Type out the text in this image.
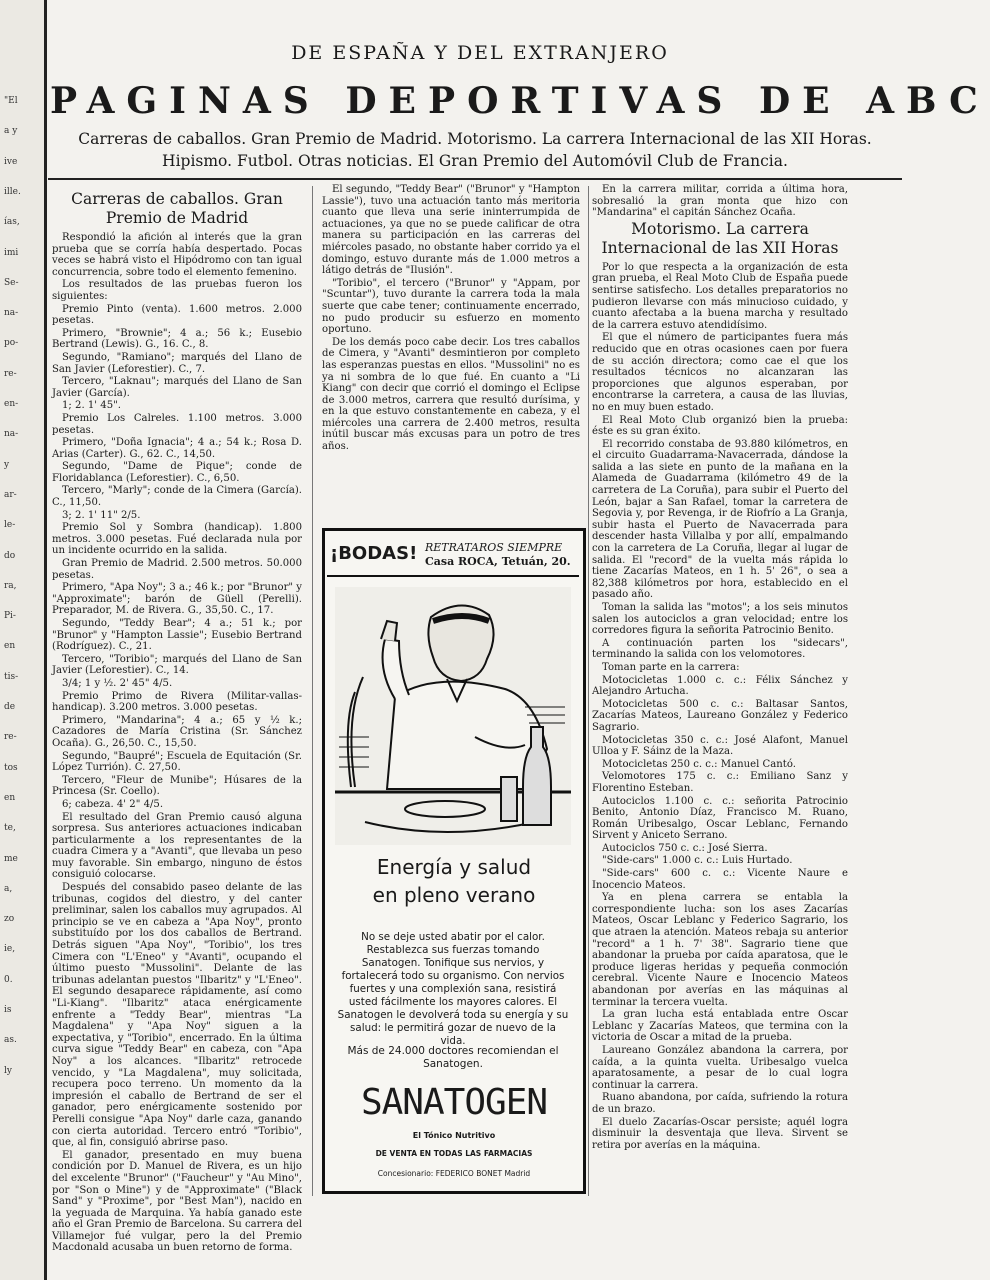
"El
a y
ive
ille.
ías,
imi
Se-
na-
po-
re-
en-
na-
y
ar-
le-
do
ra,
Pi-
en
tis-
de
re-
tos
en
te,
me
a,
zo
ie,
0.
is
as.
ly
DE ESPAÑA Y DEL EXTRANJERO
PAGINAS DEPORTIVAS DE ABC
Carreras de caballos. Gran Premio de Madrid. Motorismo. La carrera Internacional de las XII Horas.
Hipismo. Futbol. Otras noticias. El Gran Premio del Automóvil Club de Francia.
Carreras de caballos. Gran Premio de Madrid

Respondió la afición al interés que la gran prueba que se corría había despertado. Pocas veces se habrá visto el Hipódromo con tan igual concurrencia, sobre todo el elemento femenino.

Los resultados de las pruebas fueron los siguientes:

Premio Pinto (venta). 1.600 metros. 2.000 pesetas.

Primero, "Brownie"; 4 a.; 56 k.; Eusebio Bertrand (Lewis). G., 16. C., 8.

Segundo, "Ramiano"; marqués del Llano de San Javier (Leforestier). C., 7.

Tercero, "Laknau"; marqués del Llano de San Javier (García).

1; 2. 1' 45".

Premio Los Calreles. 1.100 metros. 3.000 pesetas.

Primero, "Doña Ignacia"; 4 a.; 54 k.; Rosa D. Arias (Carter). G., 62. C., 14,50.

Segundo, "Dame de Pique"; conde de Floridablanca (Leforestier). C., 6,50.

Tercero, "Marly"; conde de la Cimera (García). C., 11,50.

3; 2. 1' 11" 2/5.

Premio Sol y Sombra (handicap). 1.800 metros. 3.000 pesetas. Fué declarada nula por un incidente ocurrido en la salida.

Gran Premio de Madrid. 2.500 metros. 50.000 pesetas.

Primero, "Apa Noy"; 3 a.; 46 k.; por "Brunor" y "Approximate"; barón de Güell (Perelli). Preparador, M. de Rivera. G., 35,50. C., 17.

Segundo, "Teddy Bear"; 4 a.; 51 k.; por "Brunor" y "Hampton Lassie"; Eusebio Bertrand (Rodríguez). C., 21.

Tercero, "Toribio"; marqués del Llano de San Javier (Leforestier). C., 14.

3/4; 1 y ½. 2' 45" 4/5.

Premio Primo de Rivera (Militar-vallas-handicap). 3.200 metros. 3.000 pesetas.

Primero, "Mandarina"; 4 a.; 65 y ½ k.; Cazadores de María Cristina (Sr. Sánchez Ocaña). G., 26,50. C., 15,50.

Segundo, "Baupré"; Escuela de Equitación (Sr. López Turrión). C. 27,50.

Tercero, "Fleur de Munibe"; Húsares de la Princesa (Sr. Coello).

6; cabeza. 4' 2" 4/5.

El resultado del Gran Premio causó alguna sorpresa. Sus anteriores actuaciones indicaban particularmente a los representantes de la cuadra Cimera y a "Avanti", que llevaba un peso muy favorable. Sin embargo, ninguno de éstos consiguió colocarse.

Después del consabido paseo delante de las tribunas, cogidos del diestro, y del canter preliminar, salen los caballos muy agrupados. Al principio se ve en cabeza a "Apa Noy", pronto substituído por los dos caballos de Bertrand. Detrás siguen "Apa Noy", "Toribio", los tres Cimera con "L'Eneo" y "Avanti", ocupando el último puesto "Mussolini". Delante de las tribunas adelantan puestos "Ilbaritz" y "L'Eneo". El segundo desaparece rápidamente, así como "Li-Kiang". "Ilbaritz" ataca enérgicamente enfrente a "Teddy Bear", mientras "La Magdalena" y "Apa Noy" siguen a la expectativa, y "Toribio", encerrado. En la última curva sigue "Teddy Bear" en cabeza, con "Apa Noy" a los alcances. "Ilbaritz" retrocede vencido, y "La Magdalena", muy solicitada, recupera poco terreno. Un momento da la impresión el caballo de Bertrand de ser el ganador, pero enérgicamente sostenido por Perelli consigue "Apa Noy" darle caza, ganando con cierta autoridad. Tercero entró "Toribio", que, al fin, consiguió abrirse paso.

El ganador, presentado en muy buena condición por D. Manuel de Rivera, es un hijo del excelente "Brunor" ("Faucheur" y "Au Mino", por "Son o Mine") y de "Approximate" ("Black Sand" y "Proxime", por "Best Man"), nacido en la yeguada de Marquina. Ya había ganado este año el Gran Premio de Barcelona. Su carrera del Villamejor fué vulgar, pero la del Premio Macdonald acusaba un buen retorno de forma.

El segundo, "Teddy Bear" ("Brunor" y "Hampton Lassie"), tuvo una actuación tanto más meritoria cuanto que lleva una serie ininterrumpida de actuaciones, ya que no se puede calificar de otra manera su participación en las carreras del miércoles pasado, no obstante haber corrido ya el domingo, estuvo durante más de 1.000 metros a látigo detrás de "Ilusión".

"Toribio", el tercero ("Brunor" y "Appam, por "Scuntar"), tuvo durante la carrera toda la mala suerte que cabe tener; continuamente encerrado, no pudo producir su esfuerzo en momento oportuno.

De los demás poco cabe decir. Los tres caballos de Cimera, y "Avanti" desmintieron por completo las esperanzas puestas en ellos. "Mussolini" no es ya ni sombra de lo que fué. En cuanto a "Li Kiang" con decir que corrió el domingo el Eclipse de 3.000 metros, carrera que resultó durísima, y en la que estuvo constantemente en cabeza, y el miércoles una carrera de 2.400 metros, resulta inútil buscar más excusas para un potro de tres años.

En la carrera militar, corrida a última hora, sobresalió la gran monta que hizo con "Mandarina" el capitán Sánchez Ocaña.

Motorismo. La carrera Internacional de las XII Horas

Por lo que respecta a la organización de esta gran prueba, el Real Moto Club de España puede sentirse satisfecho. Los detalles preparatorios no pudieron llevarse con más minucioso cuidado, y cuanto afectaba a la buena marcha y resultado de la carrera estuvo atendidísimo.

El que el número de participantes fuera más reducido que en otras ocasiones caen por fuera de su acción directora; como cae el que los resultados técnicos no alcanzaran las proporciones que algunos esperaban, por encontrarse la carretera, a causa de las lluvias, no en muy buen estado.

El Real Moto Club organizó bien la prueba: éste es su gran éxito.

El recorrido constaba de 93.880 kilómetros, en el circuito Guadarrama-Navacerrada, dándose la salida a las siete en punto de la mañana en la Alameda de Guadarrama (kilómetro 49 de la carretera de La Coruña), para subir el Puerto del León, bajar a San Rafael, tomar la carretera de Segovia y, por Revenga, ir de Riofrío a La Granja, subir hasta el Puerto de Navacerrada para descender hasta Villalba y por allí, empalmando con la carretera de La Coruña, llegar al lugar de salida. El "record" de la vuelta más rápida lo tiene Zacarías Mateos, en 1 h. 5' 26", o sea a 82,388 kilómetros por hora, establecido en el pasado año.

Toman la salida las "motos"; a los seis minutos salen los autociclos a gran velocidad; entre los corredores figura la señorita Patrocinio Benito.

A continuación parten los "sidecars", terminando la salida con los velomotores.

Toman parte en la carrera:

Motocicletas 1.000 c. c.: Félix Sánchez y Alejandro Artucha.

Motocicletas 500 c. c.: Baltasar Santos, Zacarías Mateos, Laureano González y Federico Sagrario.

Motocicletas 350 c. c.: José Alafont, Manuel Ulloa y F. Sáinz de la Maza.

Motocicletas 250 c. c.: Manuel Cantó.

Velomotores 175 c. c.: Emiliano Sanz y Florentino Esteban.

Autociclos 1.100 c. c.: señorita Patrocinio Benito, Antonio Díaz, Francisco M. Ruano, Román Uribesalgo, Oscar Leblanc, Fernando Sirvent y Aniceto Serrano.

Autociclos 750 c. c.: José Sierra.

"Side-cars" 1.000 c. c.: Luis Hurtado.

"Side-cars" 600 c. c.: Vicente Naure e Inocencio Mateos.

Ya en plena carrera se entabla la correspondiente lucha: son los ases Zacarías Mateos, Oscar Leblanc y Federico Sagrario, los que atraen la atención. Mateos rebaja su anterior "record" a 1 h. 7' 38". Sagrario tiene que abandonar la prueba por caída aparatosa, que le produce ligeras heridas y pequeña conmoción cerebral. Vicente Naure e Inocencio Mateos abandonan por averías en las máquinas al terminar la tercera vuelta.

La gran lucha está entablada entre Oscar Leblanc y Zacarías Mateos, que termina con la victoria de Oscar a mitad de la prueba.

Laureano González abandona la carrera, por caída, a la quinta vuelta. Uribesalgo vuelca aparatosamente, a pesar de lo cual logra continuar la carrera.

Ruano abandona, por caída, sufriendo la rotura de un brazo.

El duelo Zacarías-Oscar persiste; aquél logra disminuir la desventaja que lleva. Sirvent se retira por averías en la máquina.

¡BODAS! RETRATAROS SIEMPRE
Casa ROCA, Tetuán, 20.
Energía y salud
en pleno verano
No se deje usted abatir por el calor. Restablezca sus fuerzas tomando Sanatogen. Tonifique sus nervios, y fortalecerá todo su organismo. Con nervios fuertes y una complexión sana, resistirá usted fácilmente los mayores calores. El Sanatogen le devolverá toda su energía y su salud: le permitirá gozar de nuevo de la vida.
Más de 24.000 doctores recomiendan el Sanatogen.
SANATOGEN
El Tónico Nutritivo
DE VENTA EN TODAS LAS FARMACIAS
Concesionario: FEDERICO BONET Madrid
